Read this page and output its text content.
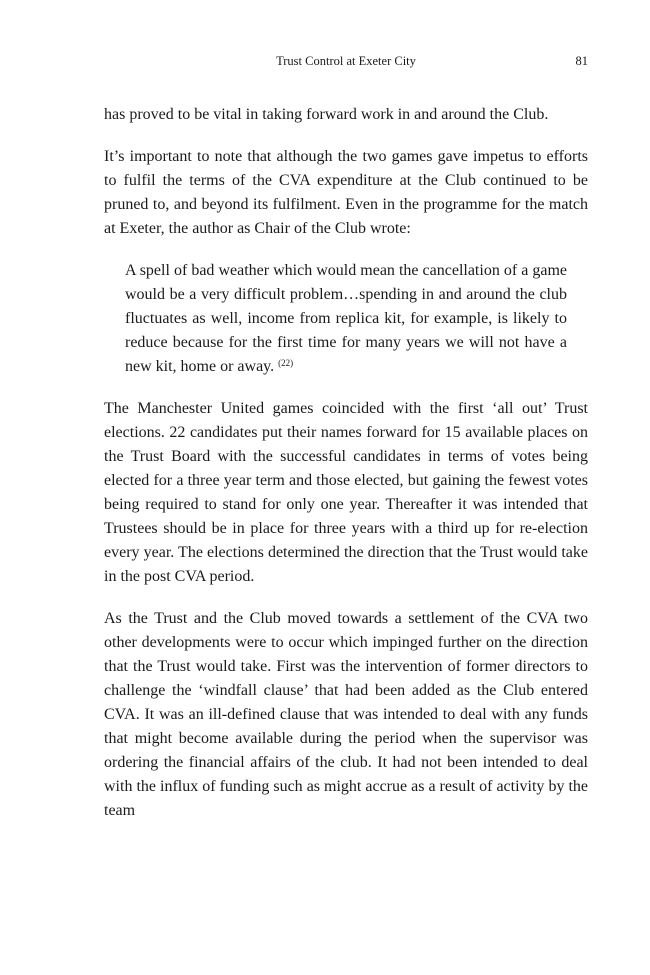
Trust Control at Exeter City	81

has proved to be vital in taking forward work in and around the Club.

It’s important to note that although the two games gave impetus to efforts to fulfil the terms of the CVA expenditure at the Club continued to be pruned to, and beyond its fulfilment. Even in the programme for the match at Exeter, the author as Chair of the Club wrote:

A spell of bad weather which would mean the cancellation of a game would be a very difficult problem…spending in and around the club fluctuates as well, income from replica kit, for example, is likely to reduce because for the first time for many years we will not have a new kit, home or away. $^{(22)}$

The Manchester United games coincided with the first ‘all out’ Trust elections. 22 candidates put their names forward for 15 available places on the Trust Board with the successful candidates in terms of votes being elected for a three year term and those elected, but gaining the fewest votes being required to stand for only one year. Thereafter it was intended that Trustees should be in place for three years with a third up for re-election every year. The elections determined the direction that the Trust would take in the post CVA period.

As the Trust and the Club moved towards a settlement of the CVA two other developments were to occur which impinged further on the direction that the Trust would take. First was the intervention of former directors to challenge the ‘windfall clause’ that had been added as the Club entered CVA. It was an ill-defined clause that was intended to deal with any funds that might become available during the period when the supervisor was ordering the financial affairs of the club. It had not been intended to deal with the influx of funding such as might accrue as a result of activity by the team
